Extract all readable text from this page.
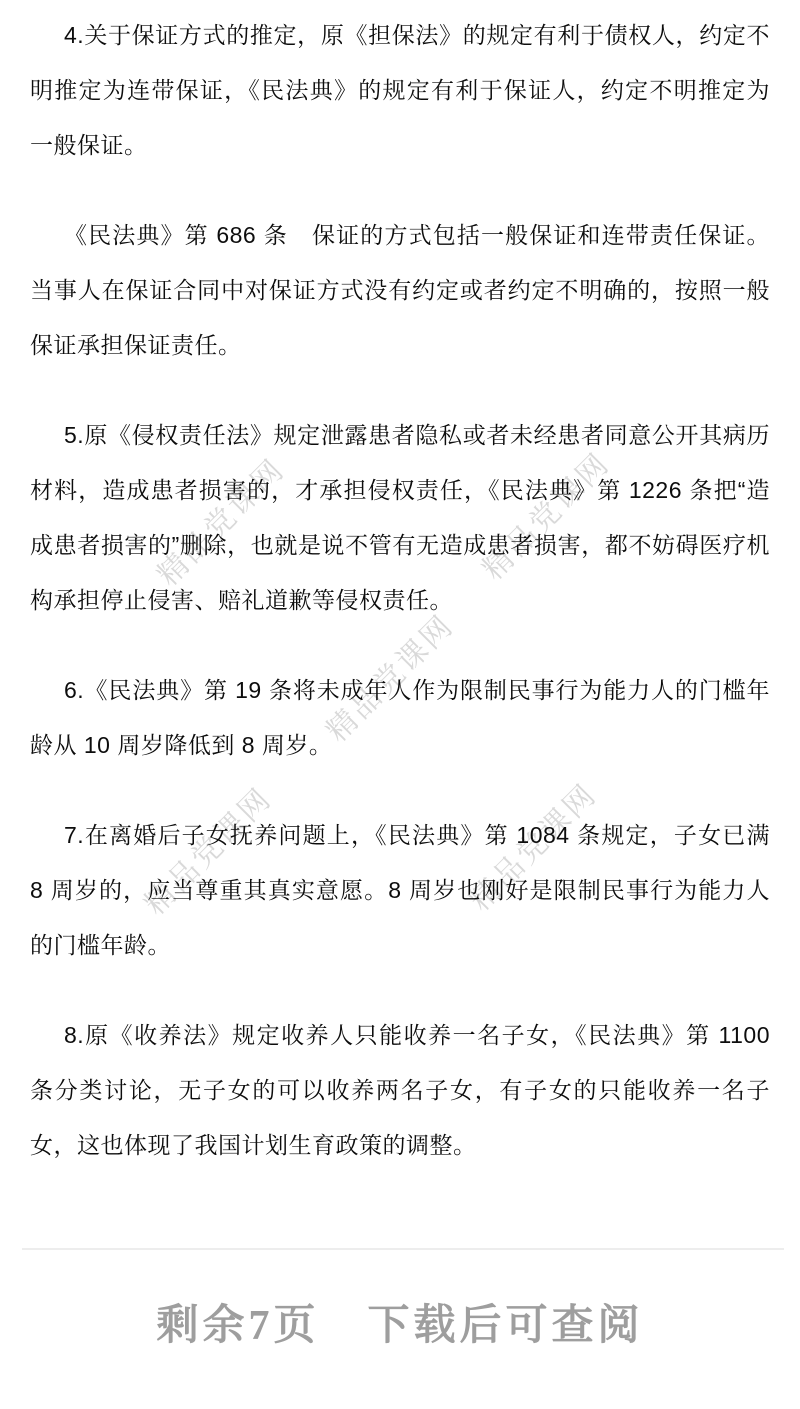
精品党课网	精品党课网
精品党课网
精品党课网	精品党课网

4.关于保证方式的推定，原《担保法》的规定有利于债权人，约定不明推定为连带保证，《民法典》的规定有利于保证人，约定不明推定为一般保证。

《民法典》第 686 条　保证的方式包括一般保证和连带责任保证。当事人在保证合同中对保证方式没有约定或者约定不明确的，按照一般保证承担保证责任。

5.原《侵权责任法》规定泄露患者隐私或者未经患者同意公开其病历材料，造成患者损害的，才承担侵权责任，《民法典》第 1226 条把“造成患者损害的”删除，也就是说不管有无造成患者损害，都不妨碍医疗机构承担停止侵害、赔礼道歉等侵权责任。

6.《民法典》第 19 条将未成年人作为限制民事行为能力人的门槛年龄从 10 周岁降低到 8 周岁。

7.在离婚后子女抚养问题上，《民法典》第 1084 条规定，子女已满 8 周岁的，应当尊重其真实意愿。8 周岁也刚好是限制民事行为能力人的门槛年龄。

8.原《收养法》规定收养人只能收养一名子女，《民法典》第 1100 条分类讨论，无子女的可以收养两名子女，有子女的只能收养一名子女，这也体现了我国计划生育政策的调整。

剩余7页 下载后可查阅
